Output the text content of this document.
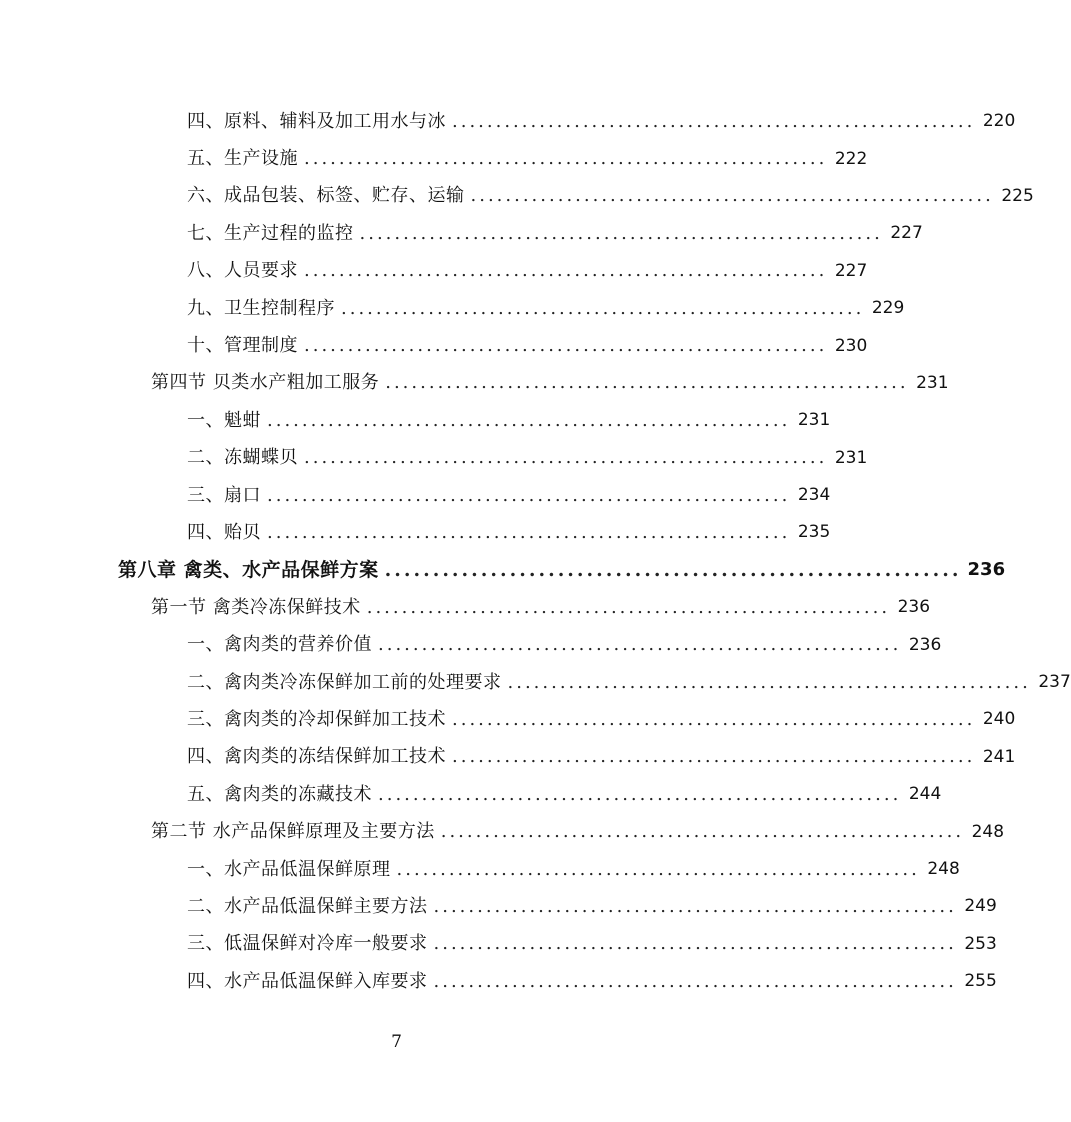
四、原料、辅料及加工用水与冰 ............................................................ 220
五、生产设施 ............................................................ 222
六、成品包装、标签、贮存、运输 ............................................................ 225
七、生产过程的监控 ............................................................ 227
八、人员要求 ............................................................ 227
九、卫生控制程序 ............................................................ 229
十、管理制度 ............................................................ 230
第四节 贝类水产粗加工服务 ............................................................ 231
一、魁蚶 ............................................................ 231
二、冻蝴蝶贝 ............................................................ 231
三、扇口 ............................................................ 234
四、贻贝 ............................................................ 235
第八章 禽类、水产品保鲜方案 ............................................................ 236
第一节 禽类冷冻保鲜技术 ............................................................ 236
一、禽肉类的营养价值 ............................................................ 236
二、禽肉类冷冻保鲜加工前的处理要求 ............................................................ 237
三、禽肉类的冷却保鲜加工技术 ............................................................ 240
四、禽肉类的冻结保鲜加工技术 ............................................................ 241
五、禽肉类的冻藏技术 ............................................................ 244
第二节 水产品保鲜原理及主要方法 ............................................................ 248
一、水产品低温保鲜原理 ............................................................ 248
二、水产品低温保鲜主要方法 ............................................................ 249
三、低温保鲜对冷库一般要求 ............................................................ 253
四、水产品低温保鲜入库要求 ............................................................ 255
7
